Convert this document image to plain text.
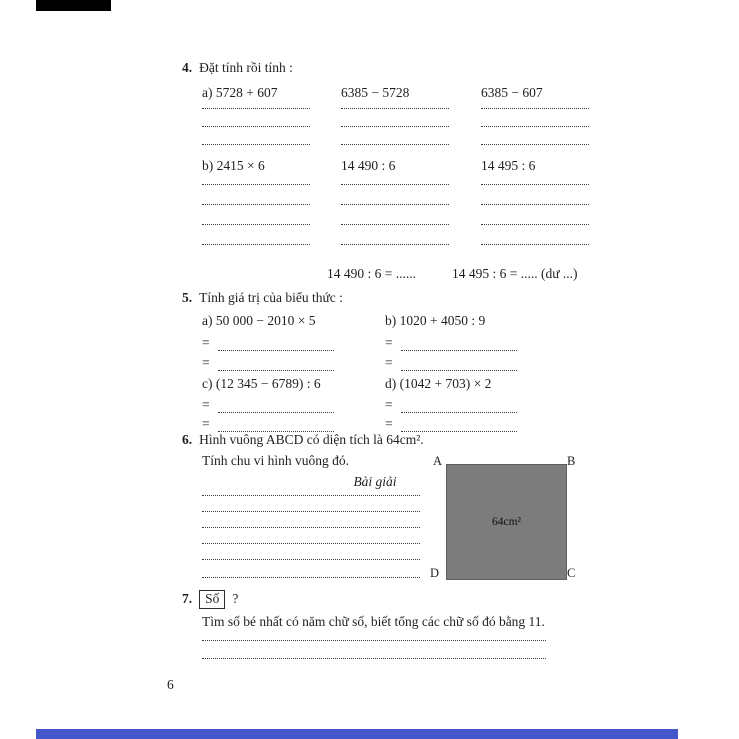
4. Đặt tính rồi tính :
a) 5728 + 607	6385 − 5728	6385 − 607
b) 2415 × 6	14 490 : 6	14 495 : 6
14 490 : 6 = ......	14 495 : 6 = ..... (dư ...)
5. Tính giá trị của biểu thức :
a) 50 000 − 2010 × 5	b) 1020 + 4050 : 9
=	=
=	=
c) (12 345 − 6789) : 6	d) (1042 + 703) × 2
=	=
=	=
6. Hình vuông ABCD có diện tích là 64cm².
Tính chu vi hình vuông đó.
Bài giải
A	B
64cm²
D	C
7. Số ?
Tìm số bé nhất có năm chữ số, biết tổng các chữ số đó bằng 11.
6
